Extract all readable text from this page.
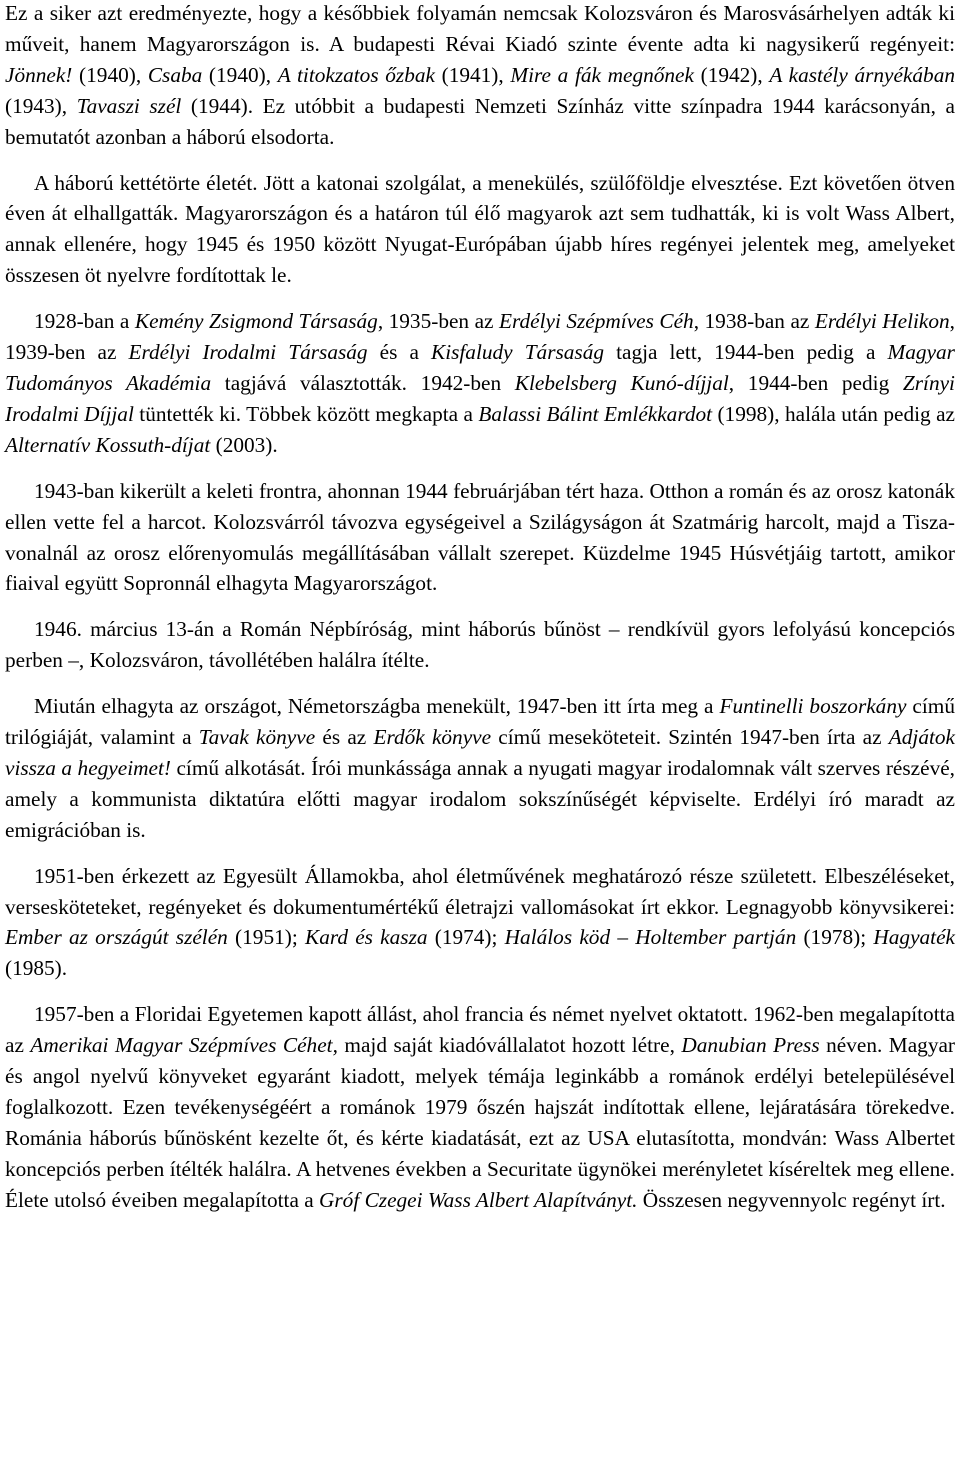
Ez a siker azt eredményezte, hogy a későbbiek folyamán nemcsak Kolozsváron és Marosvásárhelyen adták ki műveit, hanem Magyarországon is. A budapesti Révai Kiadó szinte évente adta ki nagysikerű regényeit: Jönnek! (1940), Csaba (1940), A titokzatos őzbak (1941), Mire a fák megnőnek (1942), A kastély árnyékában (1943), Tavaszi szél (1944). Ez utóbbit a budapesti Nemzeti Színház vitte színpadra 1944 karácsonyán, a bemutatót azonban a háború elsodorta.

A háború kettétörte életét. Jött a katonai szolgálat, a menekülés, szülőföldje elvesztése. Ezt követően ötven éven át elhallgatták. Magyarországon és a határon túl élő magyarok azt sem tudhatták, ki is volt Wass Albert, annak ellenére, hogy 1945 és 1950 között Nyugat-Európában újabb híres regényei jelentek meg, amelyeket összesen öt nyelvre fordítottak le.

1928-ban a Kemény Zsigmond Társaság, 1935-ben az Erdélyi Szépmíves Céh, 1938-ban az Erdélyi Helikon, 1939-ben az Erdélyi Irodalmi Társaság és a Kisfaludy Társaság tagja lett, 1944-ben pedig a Magyar Tudományos Akadémia tagjává választották. 1942-ben Klebelsberg Kunó-díjjal, 1944-ben pedig Zrínyi Irodalmi Díjjal tüntették ki. Többek között megkapta a Balassi Bálint Emlékkardot (1998), halála után pedig az Alternatív Kossuth-díjat (2003).

1943-ban kikerült a keleti frontra, ahonnan 1944 februárjában tért haza. Otthon a román és az orosz katonák ellen vette fel a harcot. Kolozsvárról távozva egységeivel a Szilágyságon át Szatmárig harcolt, majd a Tisza-vonalnál az orosz előrenyomulás megállításában vállalt szerepet. Küzdelme 1945 Húsvétjáig tartott, amikor fiaival együtt Sopronnál elhagyta Magyarországot.

1946. március 13-án a Román Népbíróság, mint háborús bűnöst – rendkívül gyors lefolyású koncepciós perben –, Kolozsváron, távollétében halálra ítélte.

Miután elhagyta az országot, Németországba menekült, 1947-ben itt írta meg a Funtinelli boszorkány című trilógiáját, valamint a Tavak könyve és az Erdők könyve című meseköteteit. Szintén 1947-ben írta az Adjátok vissza a hegyeimet! című alkotását. Írói munkássága annak a nyugati magyar irodalomnak vált szerves részévé, amely a kommunista diktatúra előtti magyar irodalom sokszínűségét képviselte. Erdélyi író maradt az emigrációban is.

1951-ben érkezett az Egyesült Államokba, ahol életművének meghatározó része született. Elbeszéléseket, versesköteteket, regényeket és dokumentumértékű életrajzi vallomásokat írt ekkor. Legnagyobb könyvsikerei: Ember az országút szélén (1951); Kard és kasza (1974); Halálos köd – Holtember partján (1978); Hagyaték (1985).

1957-ben a Floridai Egyetemen kapott állást, ahol francia és német nyelvet oktatott. 1962-ben megalapította az Amerikai Magyar Szépmíves Céhet, majd saját kiadóvállalatot hozott létre, Danubian Press néven. Magyar és angol nyelvű könyveket egyaránt kiadott, melyek témája leginkább a románok erdélyi betelepülésével foglalkozott. Ezen tevékenységéért a románok 1979 őszén hajszát indítottak ellene, lejáratására törekedve. Románia háborús bűnösként kezelte őt, és kérte kiadatását, ezt az USA elutasította, mondván: Wass Albertet koncepciós perben ítélték halálra. A hetvenes években a Securitate ügynökei merényletet kíséreltek meg ellene. Élete utolsó éveiben megalapította a Gróf Czegei Wass Albert Alapítványt. Összesen negyvennyolc regényt írt.
